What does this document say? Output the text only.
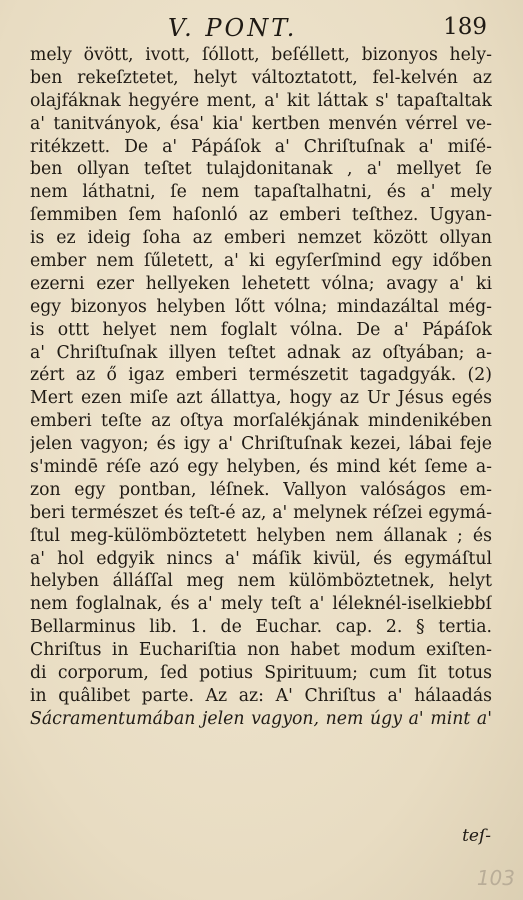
V. PONT.	189
mely övött, ivott, ſóllott, beſéllett, bizonyos hely-
ben rekeſztetet, helyt változtatott, fel-kelvén az
olajfáknak hegyére ment, a' kit láttak s' tapaſtaltak
a' tanitványok, ésa' kia' kertben menvén vérrel ve-
ritékzett. De a' Pápáſok a' Chriſtuſnak a' miſé-
ben ollyan teſtet tulajdonitanak , a' mellyet ſe
nem láthatni, ſe nem tapaſtalhatni, és a' mely
ſemmiben ſem haſonló az emberi teſthez. Ugyan-
is ez ideig ſoha az emberi nemzet között ollyan
ember nem ſűletett, a' ki egyſerſmind egy időben
ezerni ezer hellyeken lehetett vólna; avagy a' ki
egy bizonyos helyben lőtt vólna; mindazáltal még-
is ottt helyet nem foglalt vólna. De a' Pápáſok
a' Chriſtuſnak illyen teſtet adnak az oſtyában; a-
zért az ő igaz emberi természetit tagadgyák. (2)
Mert ezen miſe azt állattya, hogy az Ur Jésus egés
emberi teſte az oſtya morſalékjának mindenikében
jelen vagyon; és igy a' Chriſtuſnak kezei, lábai feje
s'mindē réſe azó egy helyben, és mind két ſeme a-
zon egy pontban, léſnek. Vallyon valóságos em-
beri természet és teſt-é az, a' melynek réſzei egymá-
ſtul meg-külömböztetett helyben nem állanak ; és
a' hol edgyik nincs a' máſik kivül, és egymáſtul
helyben álláſſal meg nem külömböztetnek, helyt
nem foglalnak, és a' mely teſt a' léleknél-iselkiebbſ
Bellarminus lib. 1. de Euchar. cap. 2. § tertia.
Chriſtus in Euchariſtia non habet modum exiſten-
di corporum, ſed potius Spirituum; cum ſit totus
in quâlibet parte. Az az: A' Chriſtus a' hálaadás
Sácramentumában jelen vagyon, nem úgy a' mint a'
teſ-
103
